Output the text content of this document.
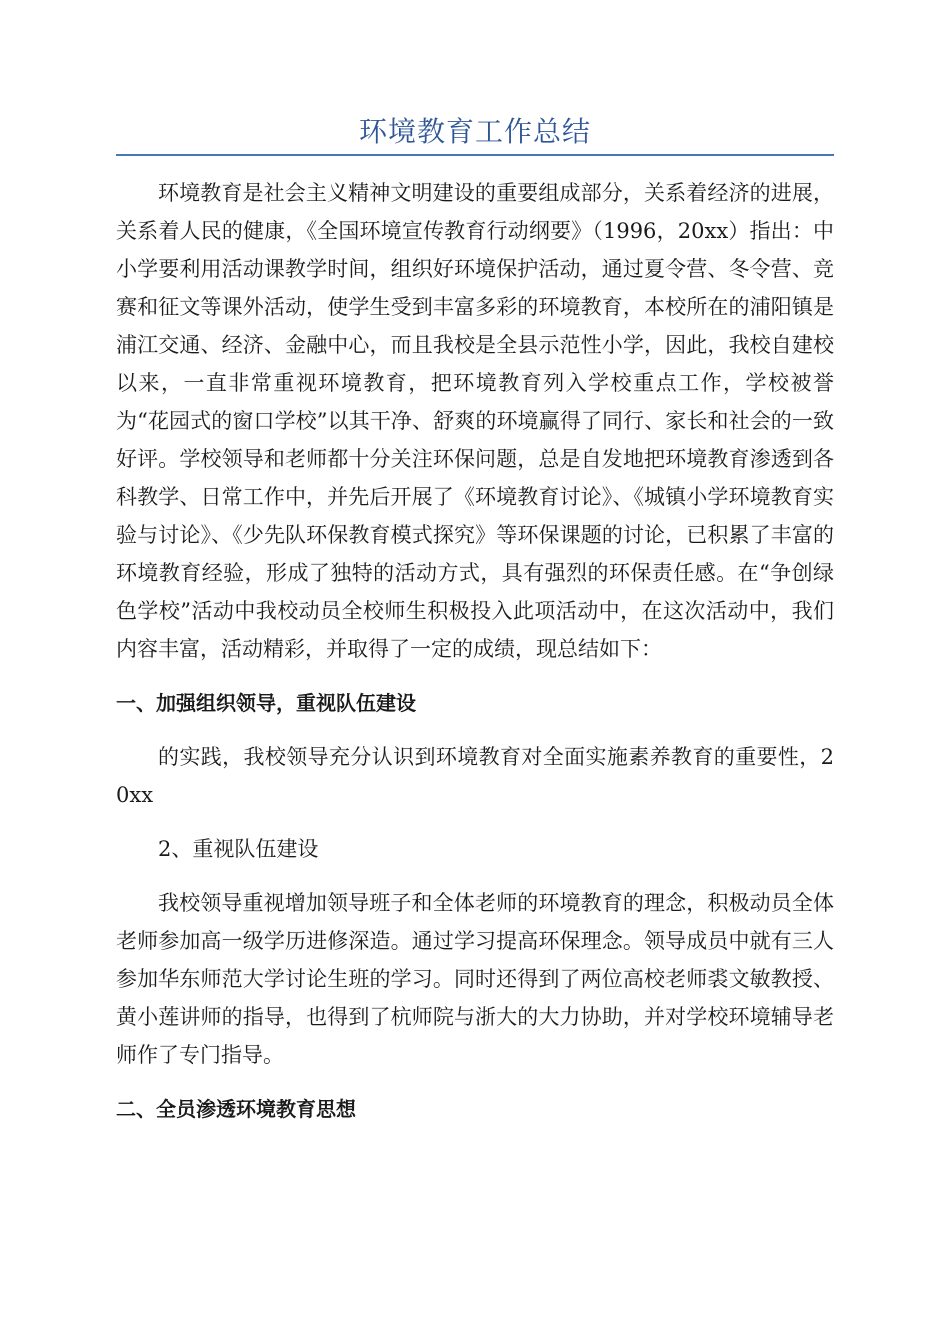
环境教育工作总结

环境教育是社会主义精神文明建设的重要组成部分，关系着经济的进展，关系着人民的健康，《全国环境宣传教育行动纲要》（1996，20xx）指出：中小学要利用活动课教学时间，组织好环境保护活动，通过夏令营、冬令营、竞赛和征文等课外活动，使学生受到丰富多彩的环境教育，本校所在的浦阳镇是浦江交通、经济、金融中心，而且我校是全县示范性小学，因此，我校自建校以来，一直非常重视环境教育，把环境教育列入学校重点工作，学校被誉为“花园式的窗口学校”以其干净、舒爽的环境赢得了同行、家长和社会的一致好评。学校领导和老师都十分关注环保问题，总是自发地把环境教育渗透到各科教学、日常工作中，并先后开展了《环境教育讨论》、《城镇小学环境教育实验与讨论》、《少先队环保教育模式探究》等环保课题的讨论，已积累了丰富的环境教育经验，形成了独特的活动方式，具有强烈的环保责任感。在“争创绿色学校”活动中我校动员全校师生积极投入此项活动中，在这次活动中，我们内容丰富，活动精彩，并取得了一定的成绩，现总结如下：

一、加强组织领导，重视队伍建设

的实践，我校领导充分认识到环境教育对全面实施素养教育的重要性，20xx

2、重视队伍建设

我校领导重视增加领导班子和全体老师的环境教育的理念，积极动员全体老师参加高一级学历进修深造。通过学习提高环保理念。领导成员中就有三人参加华东师范大学讨论生班的学习。同时还得到了两位高校老师裘文敏教授、黄小莲讲师的指导，也得到了杭师院与浙大的大力协助，并对学校环境辅导老师作了专门指导。

二、全员渗透环境教育思想
